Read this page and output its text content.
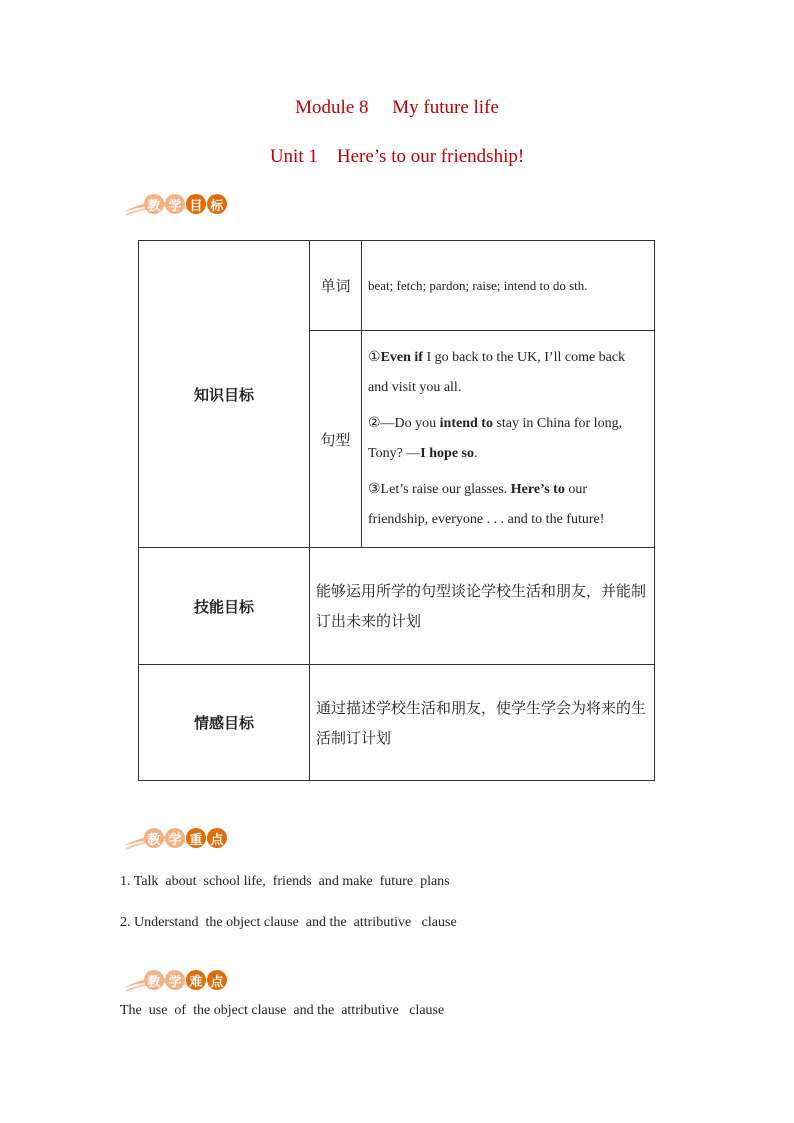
Module 8 My future life
Unit 1 Here’s to our friendship!
教 学 目 标
知识目标	单词	beat; fetch; pardon; raise; intend to do sth.
	句型	①Even if I go back to the UK, I’ll come back and visit you all.
②—Do you intend to stay in China for long, Tony? —I hope so.
③Let’s raise our glasses. Here’s to our friendship, everyone . . . and to the future!

技能目标	能够运用所学的句型谈论学校生活和朋友，并能制订出未来的计划	
情感目标	通过描述学校生活和朋友，使学生学会为将来的生活制订计划	
教 学 重 点
1. Talk  about  school life,  friends  and make  future  plans
2. Understand  the object clause  and the  attributive   clause
教 学 难 点
The  use  of  the object clause  and the  attributive   clause
